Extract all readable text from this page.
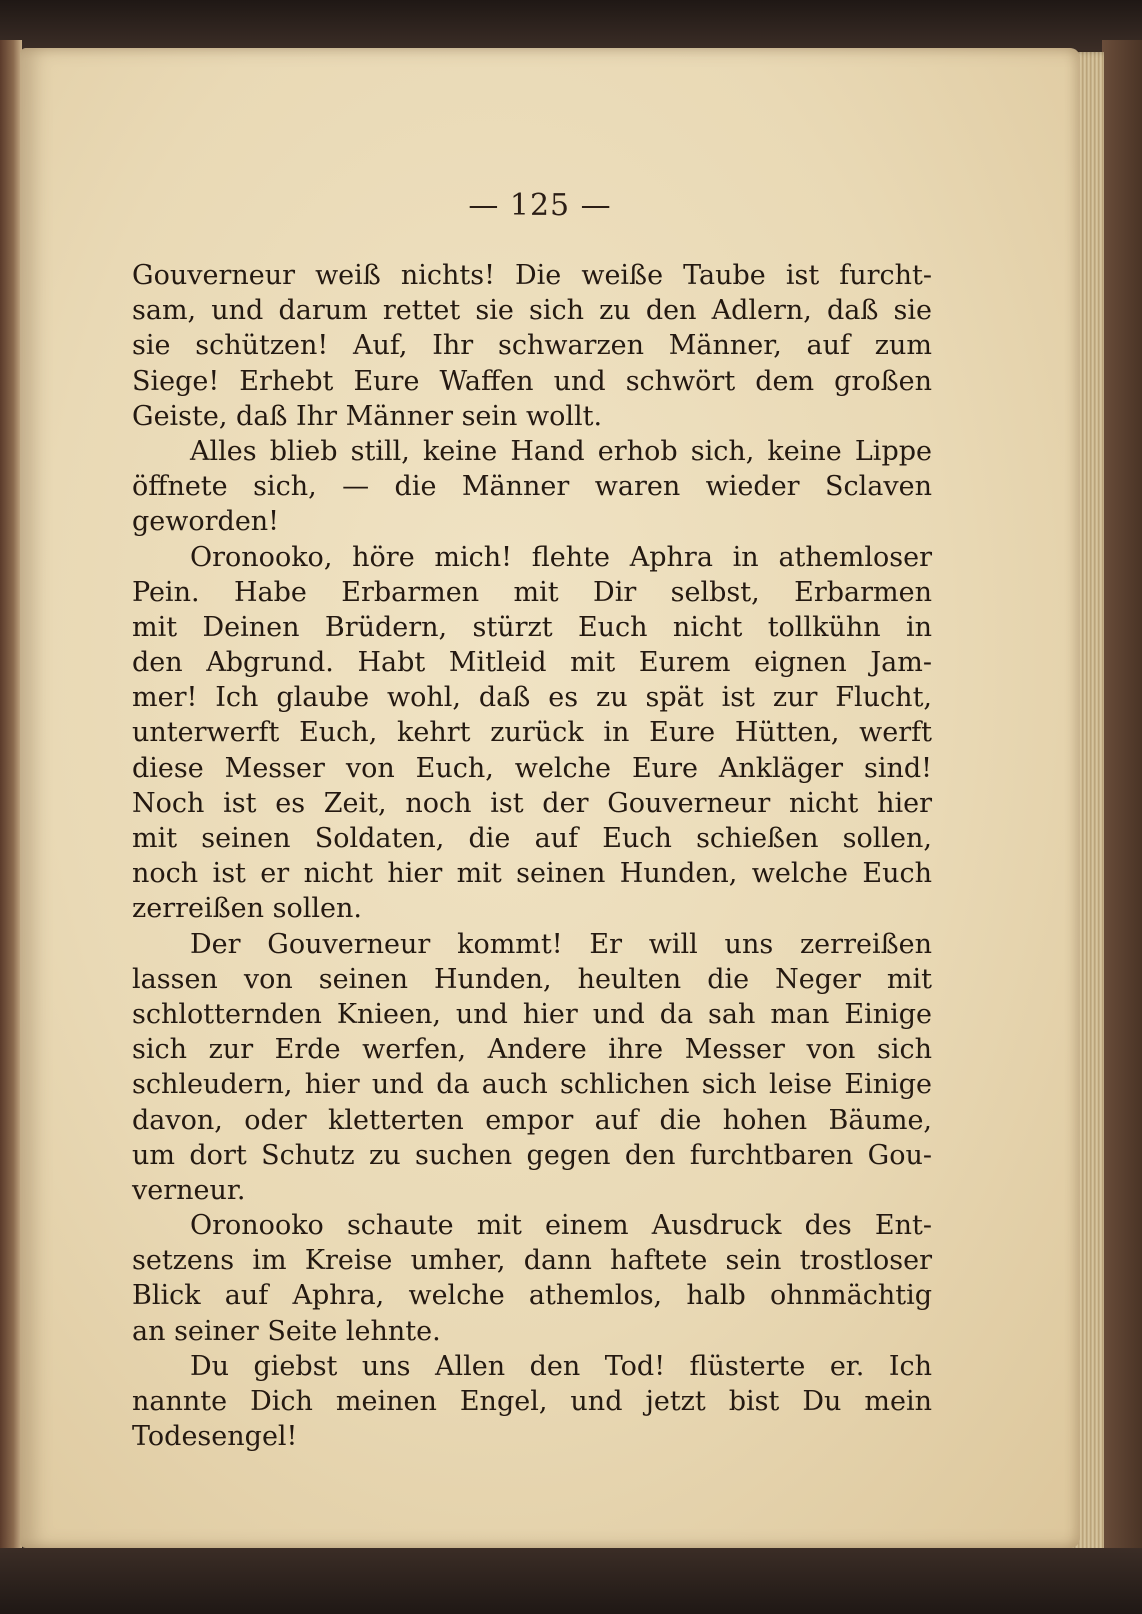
— 125 —
Gouverneur weiß nichts! Die weiße Taube ist furcht-
sam, und darum rettet sie sich zu den Adlern, daß sie
sie schützen! Auf, Ihr schwarzen Männer, auf zum
Siege! Erhebt Eure Waffen und schwört dem großen
Geiste, daß Ihr Männer sein wollt.
Alles blieb still, keine Hand erhob sich, keine Lippe
öffnete sich, — die Männer waren wieder Sclaven
geworden!
Oronooko, höre mich! flehte Aphra in athemloser
Pein. Habe Erbarmen mit Dir selbst, Erbarmen
mit Deinen Brüdern, stürzt Euch nicht tollkühn in
den Abgrund. Habt Mitleid mit Eurem eignen Jam-
mer! Ich glaube wohl, daß es zu spät ist zur Flucht,
unterwerft Euch, kehrt zurück in Eure Hütten, werft
diese Messer von Euch, welche Eure Ankläger sind!
Noch ist es Zeit, noch ist der Gouverneur nicht hier
mit seinen Soldaten, die auf Euch schießen sollen,
noch ist er nicht hier mit seinen Hunden, welche Euch
zerreißen sollen.
Der Gouverneur kommt! Er will uns zerreißen
lassen von seinen Hunden, heulten die Neger mit
schlotternden Knieen, und hier und da sah man Einige
sich zur Erde werfen, Andere ihre Messer von sich
schleudern, hier und da auch schlichen sich leise Einige
davon, oder kletterten empor auf die hohen Bäume,
um dort Schutz zu suchen gegen den furchtbaren Gou-
verneur.
Oronooko schaute mit einem Ausdruck des Ent-
setzens im Kreise umher, dann haftete sein trostloser
Blick auf Aphra, welche athemlos, halb ohnmächtig
an seiner Seite lehnte.
Du giebst uns Allen den Tod! flüsterte er. Ich
nannte Dich meinen Engel, und jetzt bist Du mein
Todesengel!
